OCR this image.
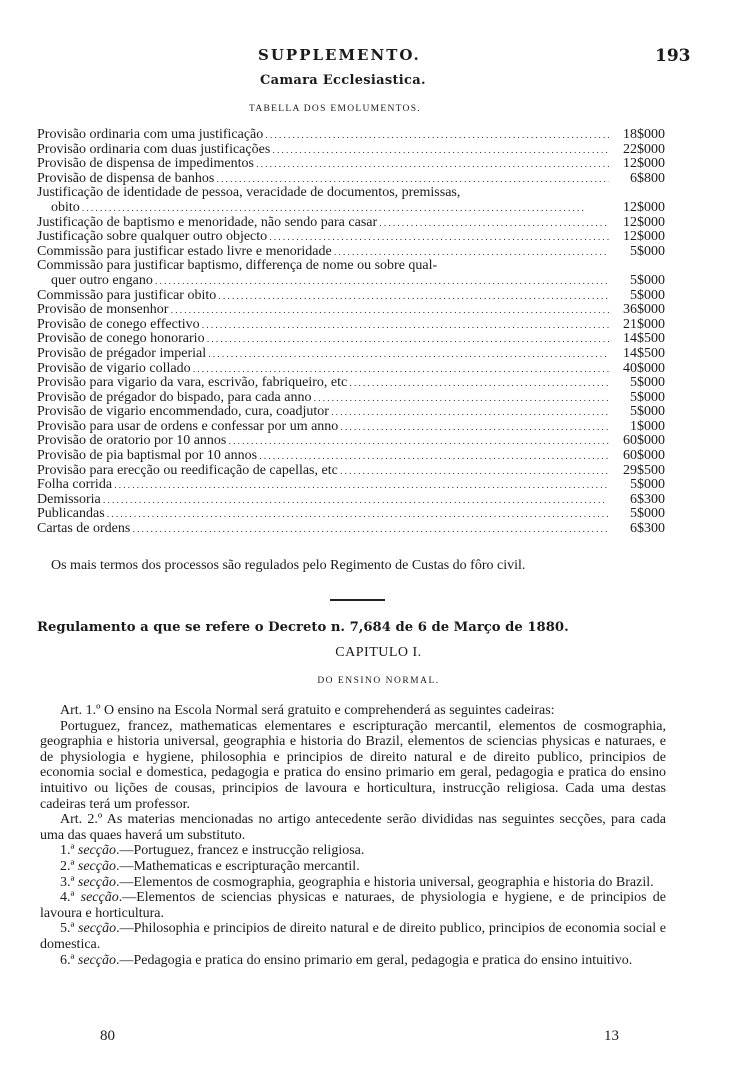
SUPPLEMENTO.	193
Camara Ecclesiastica.
TABELLA DOS EMOLUMENTOS.
Provisão ordinaria com uma justificação . . .	18$000
Provisão ordinaria com duas justificações . . .	22$000
Provisão de dispensa de impedimentos . . .	12$000
Provisão de dispensa de banhos . . .	6$800
Justificação de identidade de pessoa, veracidade de documentos, premissas,
obito . . .	12$000
Justificação de baptismo e menoridade, não sendo para casar . . .	12$000
Justificação sobre qualquer outro objecto . . .	12$000
Commissão para justificar estado livre e menoridade . . .	5$000
Commissão para justificar baptismo, differença de nome ou sobre qual-
quer outro engano . . .	5$000
Commissão para justificar obito . . .	5$000
Provisão de monsenhor . . .	36$000
Provisão de conego effectivo . . .	21$000
Provisão de conego honorario . . .	14$500
Provisão de prégador imperial . . .	14$500
Provisão de vigario collado . . .	40$000
Provisão para vigario da vara, escrivão, fabriqueiro, etc . . .	5$000
Provisão de prégador do bispado, para cada anno . . .	5$000
Provisão de vigario encommendado, cura, coadjutor . . .	5$000
Provisão para usar de ordens e confessar por um anno . . .	1$000
Provisão de oratorio por 10 annos . . .	60$000
Provisão de pia baptismal por 10 annos . . .	60$000
Provisão para erecção ou reedificação de capellas, etc . . .	29$500
Folha corrida . . .	5$000
Demissoria . . .	6$300
Publicandas . . .	5$000
Cartas de ordens . . .	6$300
Os mais termos dos processos são regulados pelo Regimento de Custas do fôro civil.
Regulamento a que se refere o Decreto n. 7,684 de 6 de Março de 1880.
CAPITULO I.
DO ENSINO NORMAL.

Art. 1.º O ensino na Escola Normal será gratuito e comprehenderá as seguintes cadeiras:

Portuguez, francez, mathematicas elementares e escripturação mercantil, elementos de cosmographia, geographia e historia universal, geographia e historia do Brazil, elementos de sciencias physicas e naturaes, e de physiologia e hygiene, philosophia e principios de direito natural e de direito publico, principios de economia social e domestica, pedagogia e pratica do ensino primario em geral, pedagogia e pratica do ensino intuitivo ou lições de cousas, principios de lavoura e horticultura, instrucção religiosa. Cada uma destas cadeiras terá um professor.

Art. 2.º As materias mencionadas no artigo antecedente serão divididas nas seguintes secções, para cada uma das quaes haverá um substituto.

1.ª secção.—Portuguez, francez e instrucção religiosa.

2.ª secção.—Mathematicas e escripturação mercantil.

3.ª secção.—Elementos de cosmographia, geographia e historia universal, geographia e historia do Brazil.

4.ª secção.—Elementos de sciencias physicas e naturaes, de physiologia e hygiene, e de principios de lavoura e horticultura.

5.ª secção.—Philosophia e principios de direito natural e de direito publico, principios de economia social e domestica.

6.ª secção.—Pedagogia e pratica do ensino primario em geral, pedagogia e pratica do ensino intuitivo.

80	13
